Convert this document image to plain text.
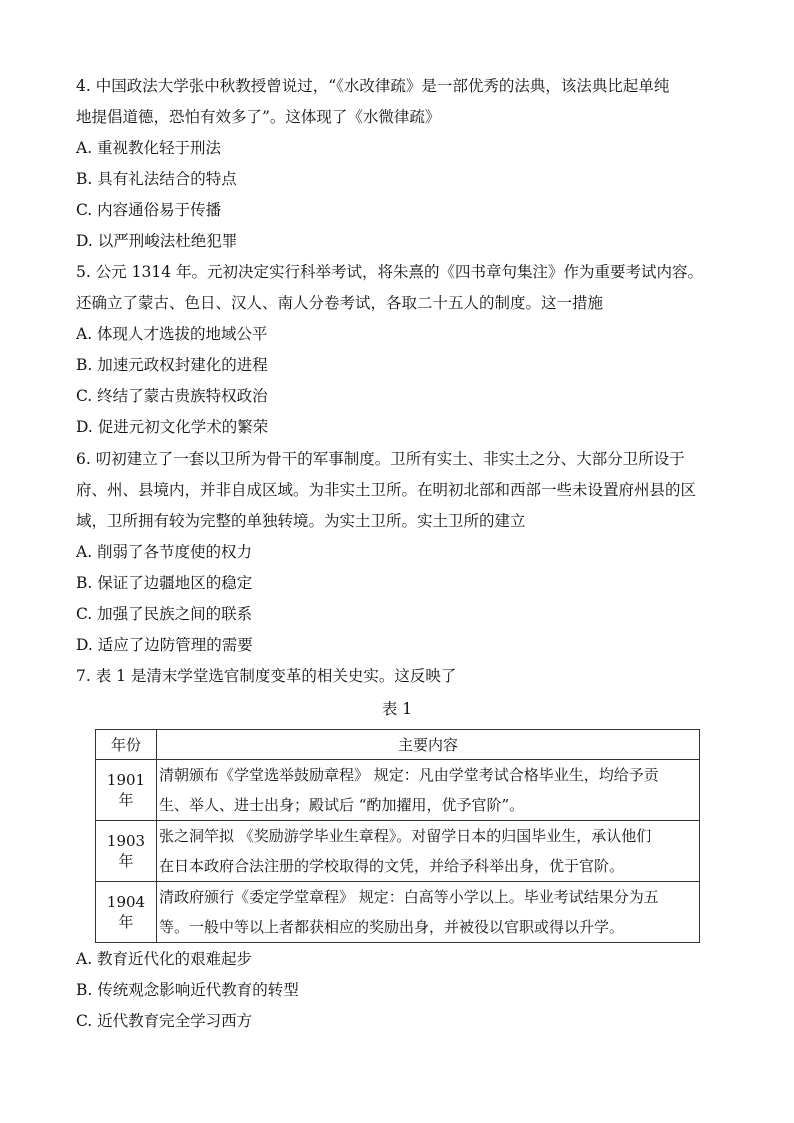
4. 中国政法大学张中秋教授曾说过，“《水改律疏》是一部优秀的法典，该法典比起单纯
地提倡道德，恐怕有效多了”。这体现了《水微律疏》
A. 重视教化轻于刑法
B. 具有礼法结合的特点
C. 内容通俗易于传播
D. 以严刑峻法杜绝犯罪
5. 公元 1314 年。元初决定实行科举考试，将朱熹的《四书章句集注》作为重要考试内容。
还确立了蒙古、色日、汉人、南人分卷考试，各取二十五人的制度。这一措施
A. 体现人才选拔的地域公平
B. 加速元政权封建化的进程
C. 终结了蒙古贵族特权政治
D. 促进元初文化学术的繁荣
6. 叨初建立了一套以卫所为骨干的军事制度。卫所有实土、非实土之分、大部分卫所设于
府、州、县境内，并非自成区域。为非实土卫所。在明初北部和西部一些未设置府州县的区
域，卫所拥有较为完整的单独转境。为实土卫所。实土卫所的建立
A. 削弱了各节度使的权力
B. 保证了边疆地区的稳定
C. 加强了民族之间的联系
D. 适应了边防管理的需要
7. 表 1 是清末学堂选官制度变革的相关史实。这反映了
表 1
年份	主要内容
1901 年	清朝颁布《学堂选举鼓励章程》 规定：凡由学堂考试合格毕业生，均给予贡
生、举人、进士出身；殿试后 “酌加擢用，优予官阶”。

1903 年	张之洞竿拟 《奖励游学毕业生章程》。对留学日本的归国毕业生，承认他们
在日本政府合法注册的学校取得的文凭，并给予科举出身，优于官阶。

1904 年	清政府颁行《委定学堂章程》 规定：白高等小学以上。毕业考试结果分为五
等。一般中等以上者都获相应的奖励出身，并被役以官职或得以升学。
A. 教育近代化的艰难起步
B. 传统观念影响近代教育的转型
C. 近代教育完全学习西方
